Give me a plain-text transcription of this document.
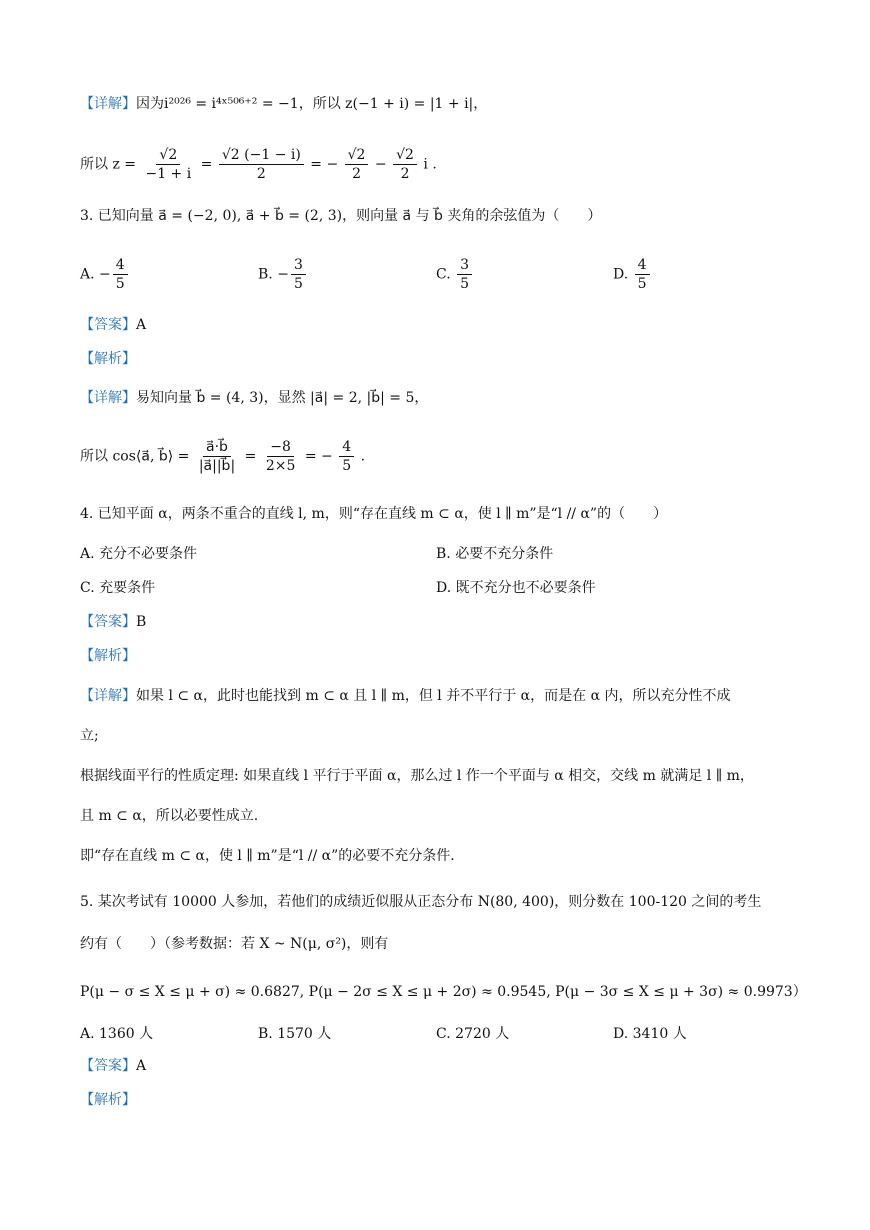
【详解】因为i²⁰²⁶ = i⁴ˣ⁵⁰⁶⁺² = −1，所以 z(−1 + i) = |1 + i|，
所以 $z = \frac{√2}{-1 + i} = \frac{√2 (-1 - i)}{2}$ = − $\frac{√2}{2} - \frac{√2}{2}$ i .
3. 已知向量 a⃗ = (−2, 0), a⃗ + b⃗ = (2, 3)，则向量 a⃗ 与 b⃗ 夹角的余弦值为（　　）
A. − $\frac{4}{5}$	B. − $\frac{3}{5}$	C. $\frac{3}{5}$	D. $\frac{4}{5}$
【答案】A
【解析】
【详解】易知向量 b⃗ = (4, 3)，显然 |a⃗| = 2, |b⃗| = 5，
所以 cos⟨a⃗, b⃗⟩ = $\frac{a⃗\cdot b⃗}{|a⃗||b⃗|} = \frac{-8}{2\times 5}$ = − $\frac{4}{5}$ .
4. 已知平面 α，两条不重合的直线 l, m，则“存在直线 m ⊂ α，使 l ∥ m”是“l // α”的（　　）
A. 充分不必要条件	B. 必要不充分条件
C. 充要条件	D. 既不充分也不必要条件
【答案】B
【解析】
【详解】如果 l ⊂ α，此时也能找到 m ⊂ α 且 l ∥ m，但 l 并不平行于 α，而是在 α 内，所以充分性不成
立;
根据线面平行的性质定理: 如果直线 l 平行于平面 α，那么过 l 作一个平面与 α 相交，交线 m 就满足 l ∥ m，
且 m ⊂ α，所以必要性成立.
即“存在直线 m ⊂ α，使 l ∥ m”是“l // α”的必要不充分条件.
5. 某次考试有 10000 人参加，若他们的成绩近似服从正态分布 N(80, 400)，则分数在 100-120 之间的考生
约有（　　）（参考数据：若 X ~ N(μ, σ²)，则有
P(μ − σ ≤ X ≤ μ + σ) ≈ 0.6827, P(μ − 2σ ≤ X ≤ μ + 2σ) ≈ 0.9545, P(μ − 3σ ≤ X ≤ μ + 3σ) ≈ 0.9973）
A. 1360 人	B. 1570 人	C. 2720 人	D. 3410 人
【答案】A
【解析】
